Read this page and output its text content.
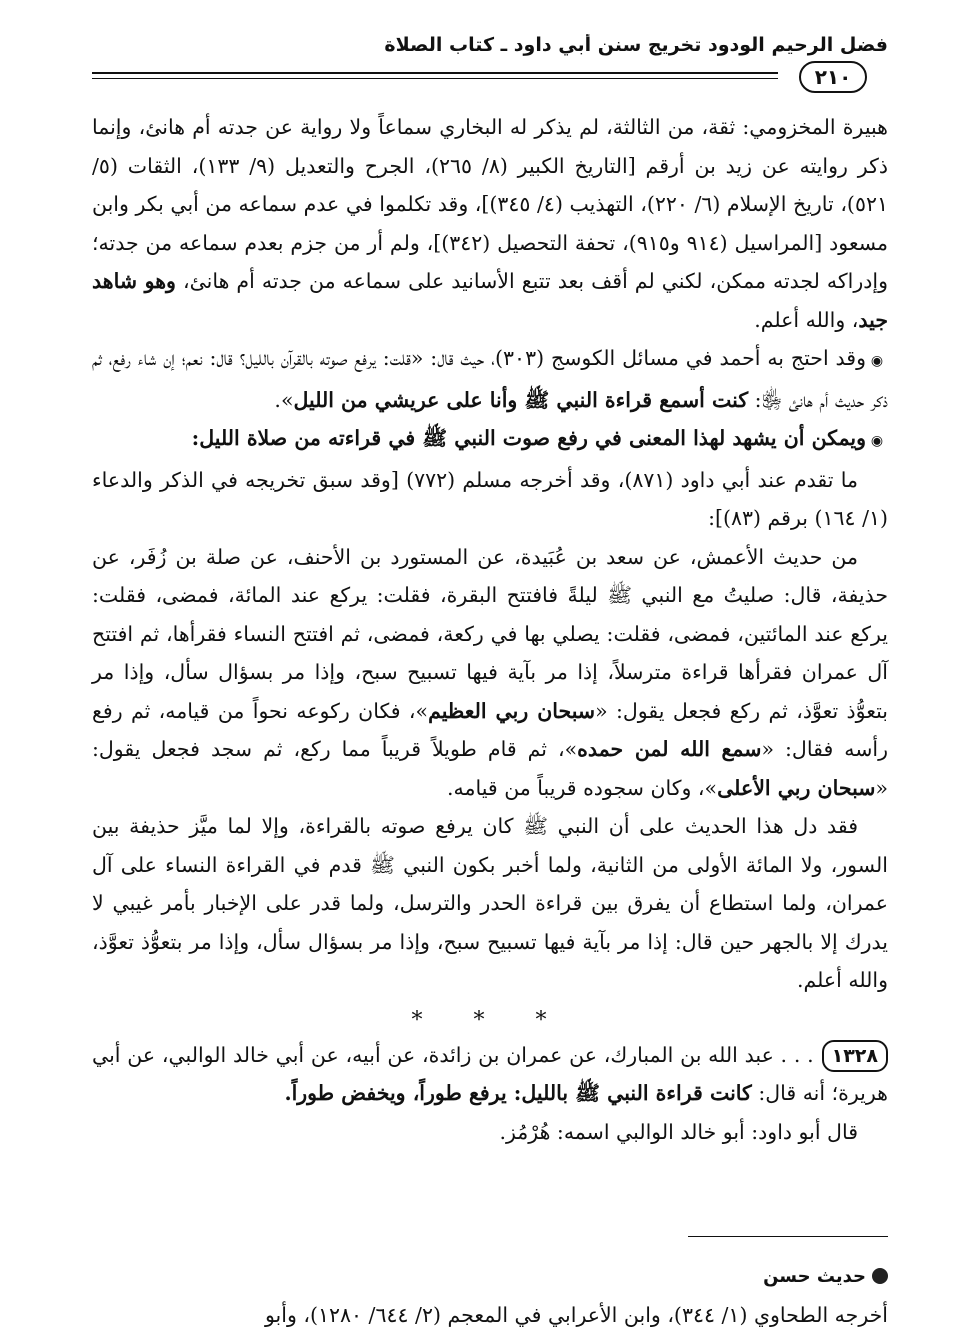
فضل الرحيم الودود تخريج سنن أبي داود ـ كتاب الصلاة
٢١٠

هبيرة المخزومي: ثقة، من الثالثة، لم يذكر له البخاري سماعاً ولا رواية عن جدته أم هانئ، وإنما ذكر روايته عن زيد بن أرقم [التاريخ الكبير (٨/ ٢٦٥)، الجرح والتعديل (٩/ ١٣٣)، الثقات (٥/ ٥٢١)، تاريخ الإسلام (٦/ ٢٢٠)، التهذيب (٤/ ٣٤٥)]، وقد تكلموا في عدم سماعه من أبي بكر وابن مسعود [المراسيل (٩١٤ و٩١٥)، تحفة التحصيل (٣٤٢)]، ولم أر من جزم بعدم سماعه من جدته؛ وإدراكه لجدته ممكن، لكني لم أقف بعد تتبع الأسانيد على سماعه من جدته أم هانئ، وهو شاهد جيد، والله أعلم.

◉وقد احتج به أحمد في مسائل الكوسج (٣٠٣)، حيث قال: «قلت: يرفع صوته بالقرآن بالليل؟ قال: نعم؛ إن شاء رفع، ثم ذكر حديث أم هانئ ﵂: كنت أسمع قراءة النبي ﷺ وأنا على عريشي من الليل».

◉ويمكن أن يشهد لهذا المعنى في رفع صوت النبي ﷺ في قراءته من صلاة الليل:

ما تقدم عند أبي داود (٨٧١)، وقد أخرجه مسلم (٧٧٢) [وقد سبق تخريجه في الذكر والدعاء (١/ ١٦٤) برقم (٨٣)]:

من حديث الأعمش، عن سعد بن عُبَيدة، عن المستورد بن الأحنف، عن صلة بن زُفَر، عن حذيفة، قال: صليتُ مع النبي ﷺ ليلةً فافتتح البقرة، فقلت: يركع عند المائة، فمضى، فقلت: يركع عند المائتين، فمضى، فقلت: يصلي بها في ركعة، فمضى، ثم افتتح النساء فقرأها، ثم افتتح آل عمران فقرأها قراءة مترسلاً، إذا مر بآية فيها تسبيح سبح، وإذا مر بسؤال سأل، وإذا مر بتعوُّذ تعوَّذ، ثم ركع فجعل يقول: «سبحان ربي العظيم»، فكان ركوعه نحواً من قيامه، ثم رفع رأسه فقال: «سمع الله لمن حمده»، ثم قام طويلاً قريباً مما ركع، ثم سجد فجعل يقول: «سبحان ربي الأعلى»، وكان سجوده قريباً من قيامه.

فقد دل هذا الحديث على أن النبي ﷺ كان يرفع صوته بالقراءة، وإلا لما ميَّز حذيفة بين السور، ولا المائة الأولى من الثانية، ولما أخبر بكون النبي ﷺ قدم في القراءة النساء على آل عمران، ولما استطاع أن يفرق بين قراءة الحدر والترسل، ولما قدر على الإخبار بأمر غيبي لا يدرك إلا بالجهر حين قال: إذا مر بآية فيها تسبيح سبح، وإذا مر بسؤال سأل، وإذا مر بتعوُّذ تعوَّذ، والله أعلم.

* * *

١٣٢٨. . . عبد الله بن المبارك، عن عمران بن زائدة، عن أبيه، عن أبي خالد الوالبي، عن أبي هريرة؛ أنه قال: كانت قراءة النبي ﷺ بالليل: يرفع طوراً، ويخفض طوراً.

قال أبو داود: أبو خالد الوالبي اسمه: هُرْمُز.

حديث حسن
أخرجه الطحاوي (١/ ٣٤٤)، وابن الأعرابي في المعجم (٢/ ٦٤٤/ ١٢٨٠)، وأبو
